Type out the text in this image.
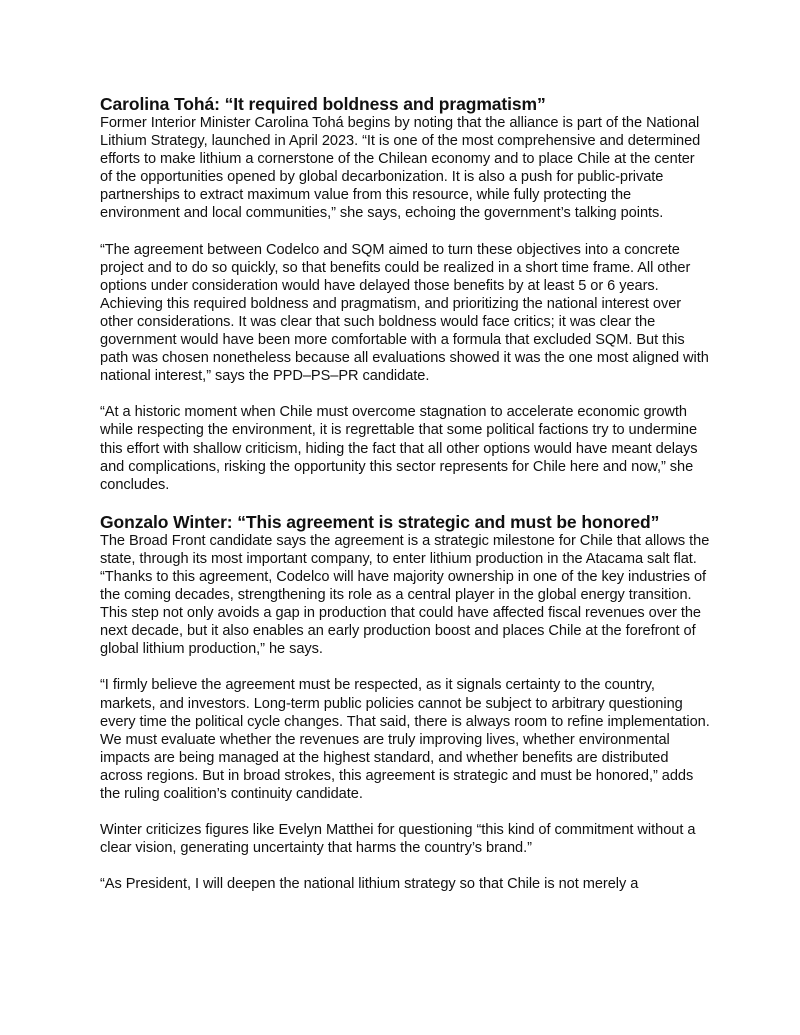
Carolina Tohá: “It required boldness and pragmatism”

Former Interior Minister Carolina Tohá begins by noting that the alliance is part of the National Lithium Strategy, launched in April 2023. “It is one of the most comprehensive and determined efforts to make lithium a cornerstone of the Chilean economy and to place Chile at the center of the opportunities opened by global decarbonization. It is also a push for public-private partnerships to extract maximum value from this resource, while fully protecting the environment and local communities,” she says, echoing the government’s talking points.

“The agreement between Codelco and SQM aimed to turn these objectives into a concrete project and to do so quickly, so that benefits could be realized in a short time frame. All other options under consideration would have delayed those benefits by at least 5 or 6 years. Achieving this required boldness and pragmatism, and prioritizing the national interest over other considerations. It was clear that such boldness would face critics; it was clear the government would have been more comfortable with a formula that excluded SQM. But this path was chosen nonetheless because all evaluations showed it was the one most aligned with national interest,” says the PPD–PS–PR candidate.

“At a historic moment when Chile must overcome stagnation to accelerate economic growth while respecting the environment, it is regrettable that some political factions try to undermine this effort with shallow criticism, hiding the fact that all other options would have meant delays and complications, risking the opportunity this sector represents for Chile here and now,” she concludes.

Gonzalo Winter: “This agreement is strategic and must be honored”

The Broad Front candidate says the agreement is a strategic milestone for Chile that allows the state, through its most important company, to enter lithium production in the Atacama salt flat. “Thanks to this agreement, Codelco will have majority ownership in one of the key industries of the coming decades, strengthening its role as a central player in the global energy transition. This step not only avoids a gap in production that could have affected fiscal revenues over the next decade, but it also enables an early production boost and places Chile at the forefront of global lithium production,” he says.

“I firmly believe the agreement must be respected, as it signals certainty to the country, markets, and investors. Long-term public policies cannot be subject to arbitrary questioning every time the political cycle changes. That said, there is always room to refine implementation. We must evaluate whether the revenues are truly improving lives, whether environmental impacts are being managed at the highest standard, and whether benefits are distributed across regions. But in broad strokes, this agreement is strategic and must be honored,” adds the ruling coalition’s continuity candidate.

Winter criticizes figures like Evelyn Matthei for questioning “this kind of commitment without a clear vision, generating uncertainty that harms the country’s brand.”

“As President, I will deepen the national lithium strategy so that Chile is not merely a
